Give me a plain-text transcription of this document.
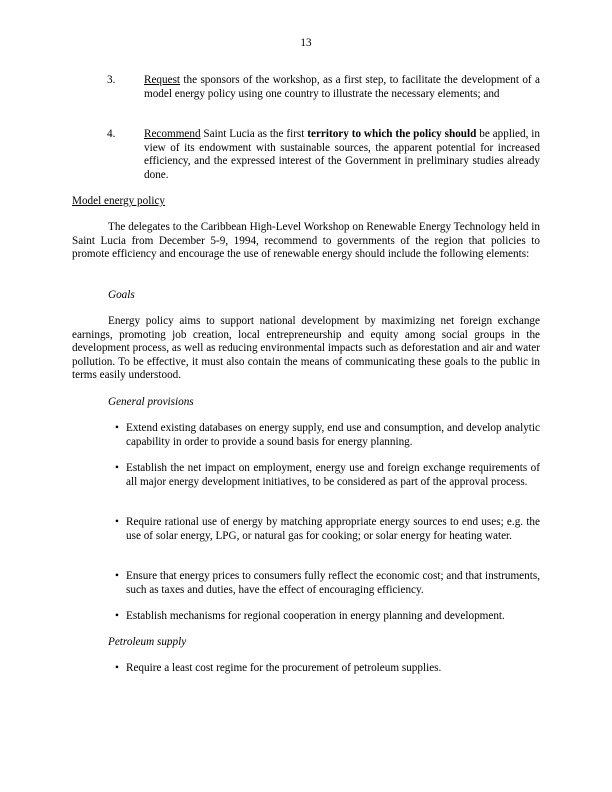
13
3.	Request the sponsors of the workshop, as a first step, to facilitate the development of a model energy policy using one country to illustrate the necessary elements; and
4.	Recommend Saint Lucia as the first territory to which the policy should be applied, in view of its endowment with sustainable sources, the apparent potential for increased efficiency, and the expressed interest of the Government in preliminary studies already done.
Model energy policy
The delegates to the Caribbean High-Level Workshop on Renewable Energy Technology held in Saint Lucia from December 5-9, 1994, recommend to governments of the region that policies to promote efficiency and encourage the use of renewable energy should include the following elements:
Goals
Energy policy aims to support national development by maximizing net foreign exchange earnings, promoting job creation, local entrepreneurship and equity among social groups in the development process, as well as reducing environmental impacts such as deforestation and air and water pollution. To be effective, it must also contain the means of communicating these goals to the public in terms easily understood.
General provisions
• Extend existing databases on energy supply, end use and consumption, and develop analytic capability in order to provide a sound basis for energy planning.
• Establish the net impact on employment, energy use and foreign exchange requirements of all major energy development initiatives, to be considered as part of the approval process.
• Require rational use of energy by matching appropriate energy sources to end uses; e.g. the use of solar energy, LPG, or natural gas for cooking; or solar energy for heating water.
• Ensure that energy prices to consumers fully reflect the economic cost; and that instruments, such as taxes and duties, have the effect of encouraging efficiency.
• Establish mechanisms for regional cooperation in energy planning and development.
Petroleum supply
• Require a least cost regime for the procurement of petroleum supplies.
